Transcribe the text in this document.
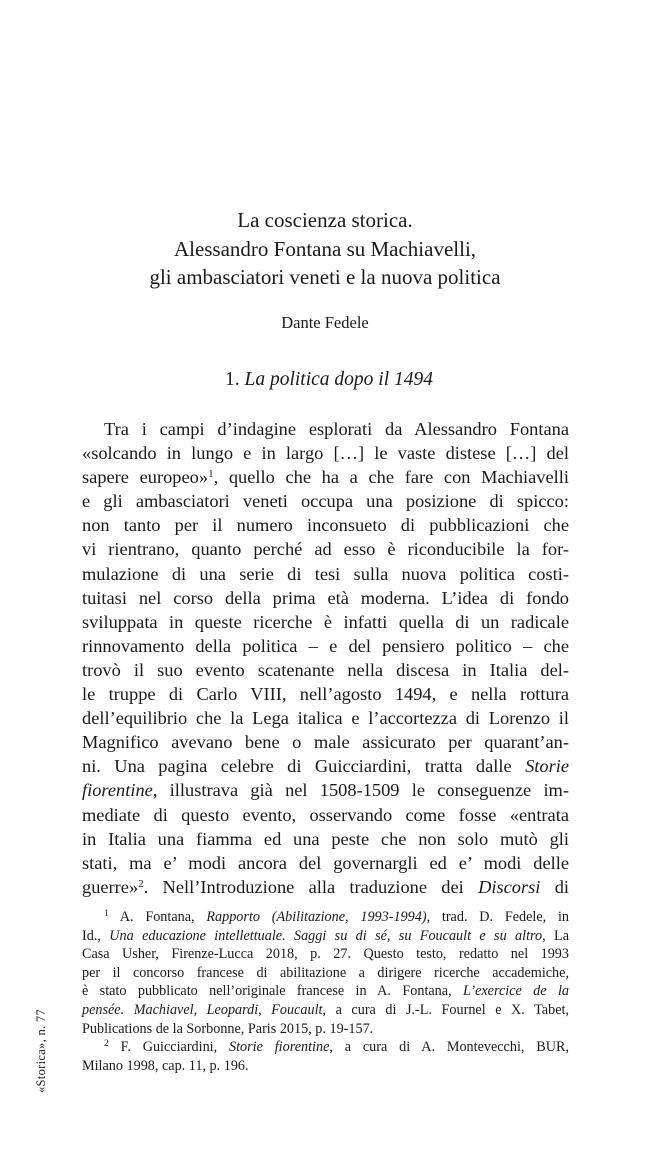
La coscienza storica.
Alessandro Fontana su Machiavelli,
gli ambasciatori veneti e la nuova politica
Dante Fedele
1. La politica dopo il 1494
Tra i campi d’indagine esplorati da Alessandro Fontana
«solcando in lungo e in largo […] le vaste distese […] del
sapere europeo»$^1$, quello che ha a che fare con Machiavelli
e gli ambasciatori veneti occupa una posizione di spicco:
non tanto per il numero inconsueto di pubblicazioni che
vi rientrano, quanto perché ad esso è riconducibile la for-
mulazione di una serie di tesi sulla nuova politica costi-
tuitasi nel corso della prima età moderna. L’idea di fondo
sviluppata in queste ricerche è infatti quella di un radicale
rinnovamento della politica – e del pensiero politico – che
trovò il suo evento scatenante nella discesa in Italia del-
le truppe di Carlo VIII, nell’agosto 1494, e nella rottura
dell’equilibrio che la Lega italica e l’accortezza di Lorenzo il
Magnifico avevano bene o male assicurato per quarant’an-
ni. Una pagina celebre di Guicciardini, tratta dalle Storie
fiorentine, illustrava già nel 1508-1509 le conseguenze im-
mediate di questo evento, osservando come fosse «entrata
in Italia una fiamma ed una peste che non solo mutò gli
stati, ma e’ modi ancora del governargli ed e’ modi delle
guerre»$^2$. Nell’Introduzione alla traduzione dei Discorsi di
$^1$ A. Fontana, Rapporto (Abilitazione, 1993-1994), trad. D. Fedele, in
Id., Una educazione intellettuale. Saggi su di sé, su Foucault e su altro, La
Casa Usher, Firenze-Lucca 2018, p. 27. Questo testo, redatto nel 1993
per il concorso francese di abilitazione a dirigere ricerche accademiche,
è stato pubblicato nell’originale francese in A. Fontana, L’exercice de la
pensée. Machiavel, Leopardi, Foucault, a cura di J.-L. Fournel e X. Tabet,
Publications de la Sorbonne, Paris 2015, p. 19-157.
$^2$ F. Guicciardini, Storie fiorentine, a cura di A. Montevecchi, BUR,
Milano 1998, cap. 11, p. 196.
«Storica», n. 77
